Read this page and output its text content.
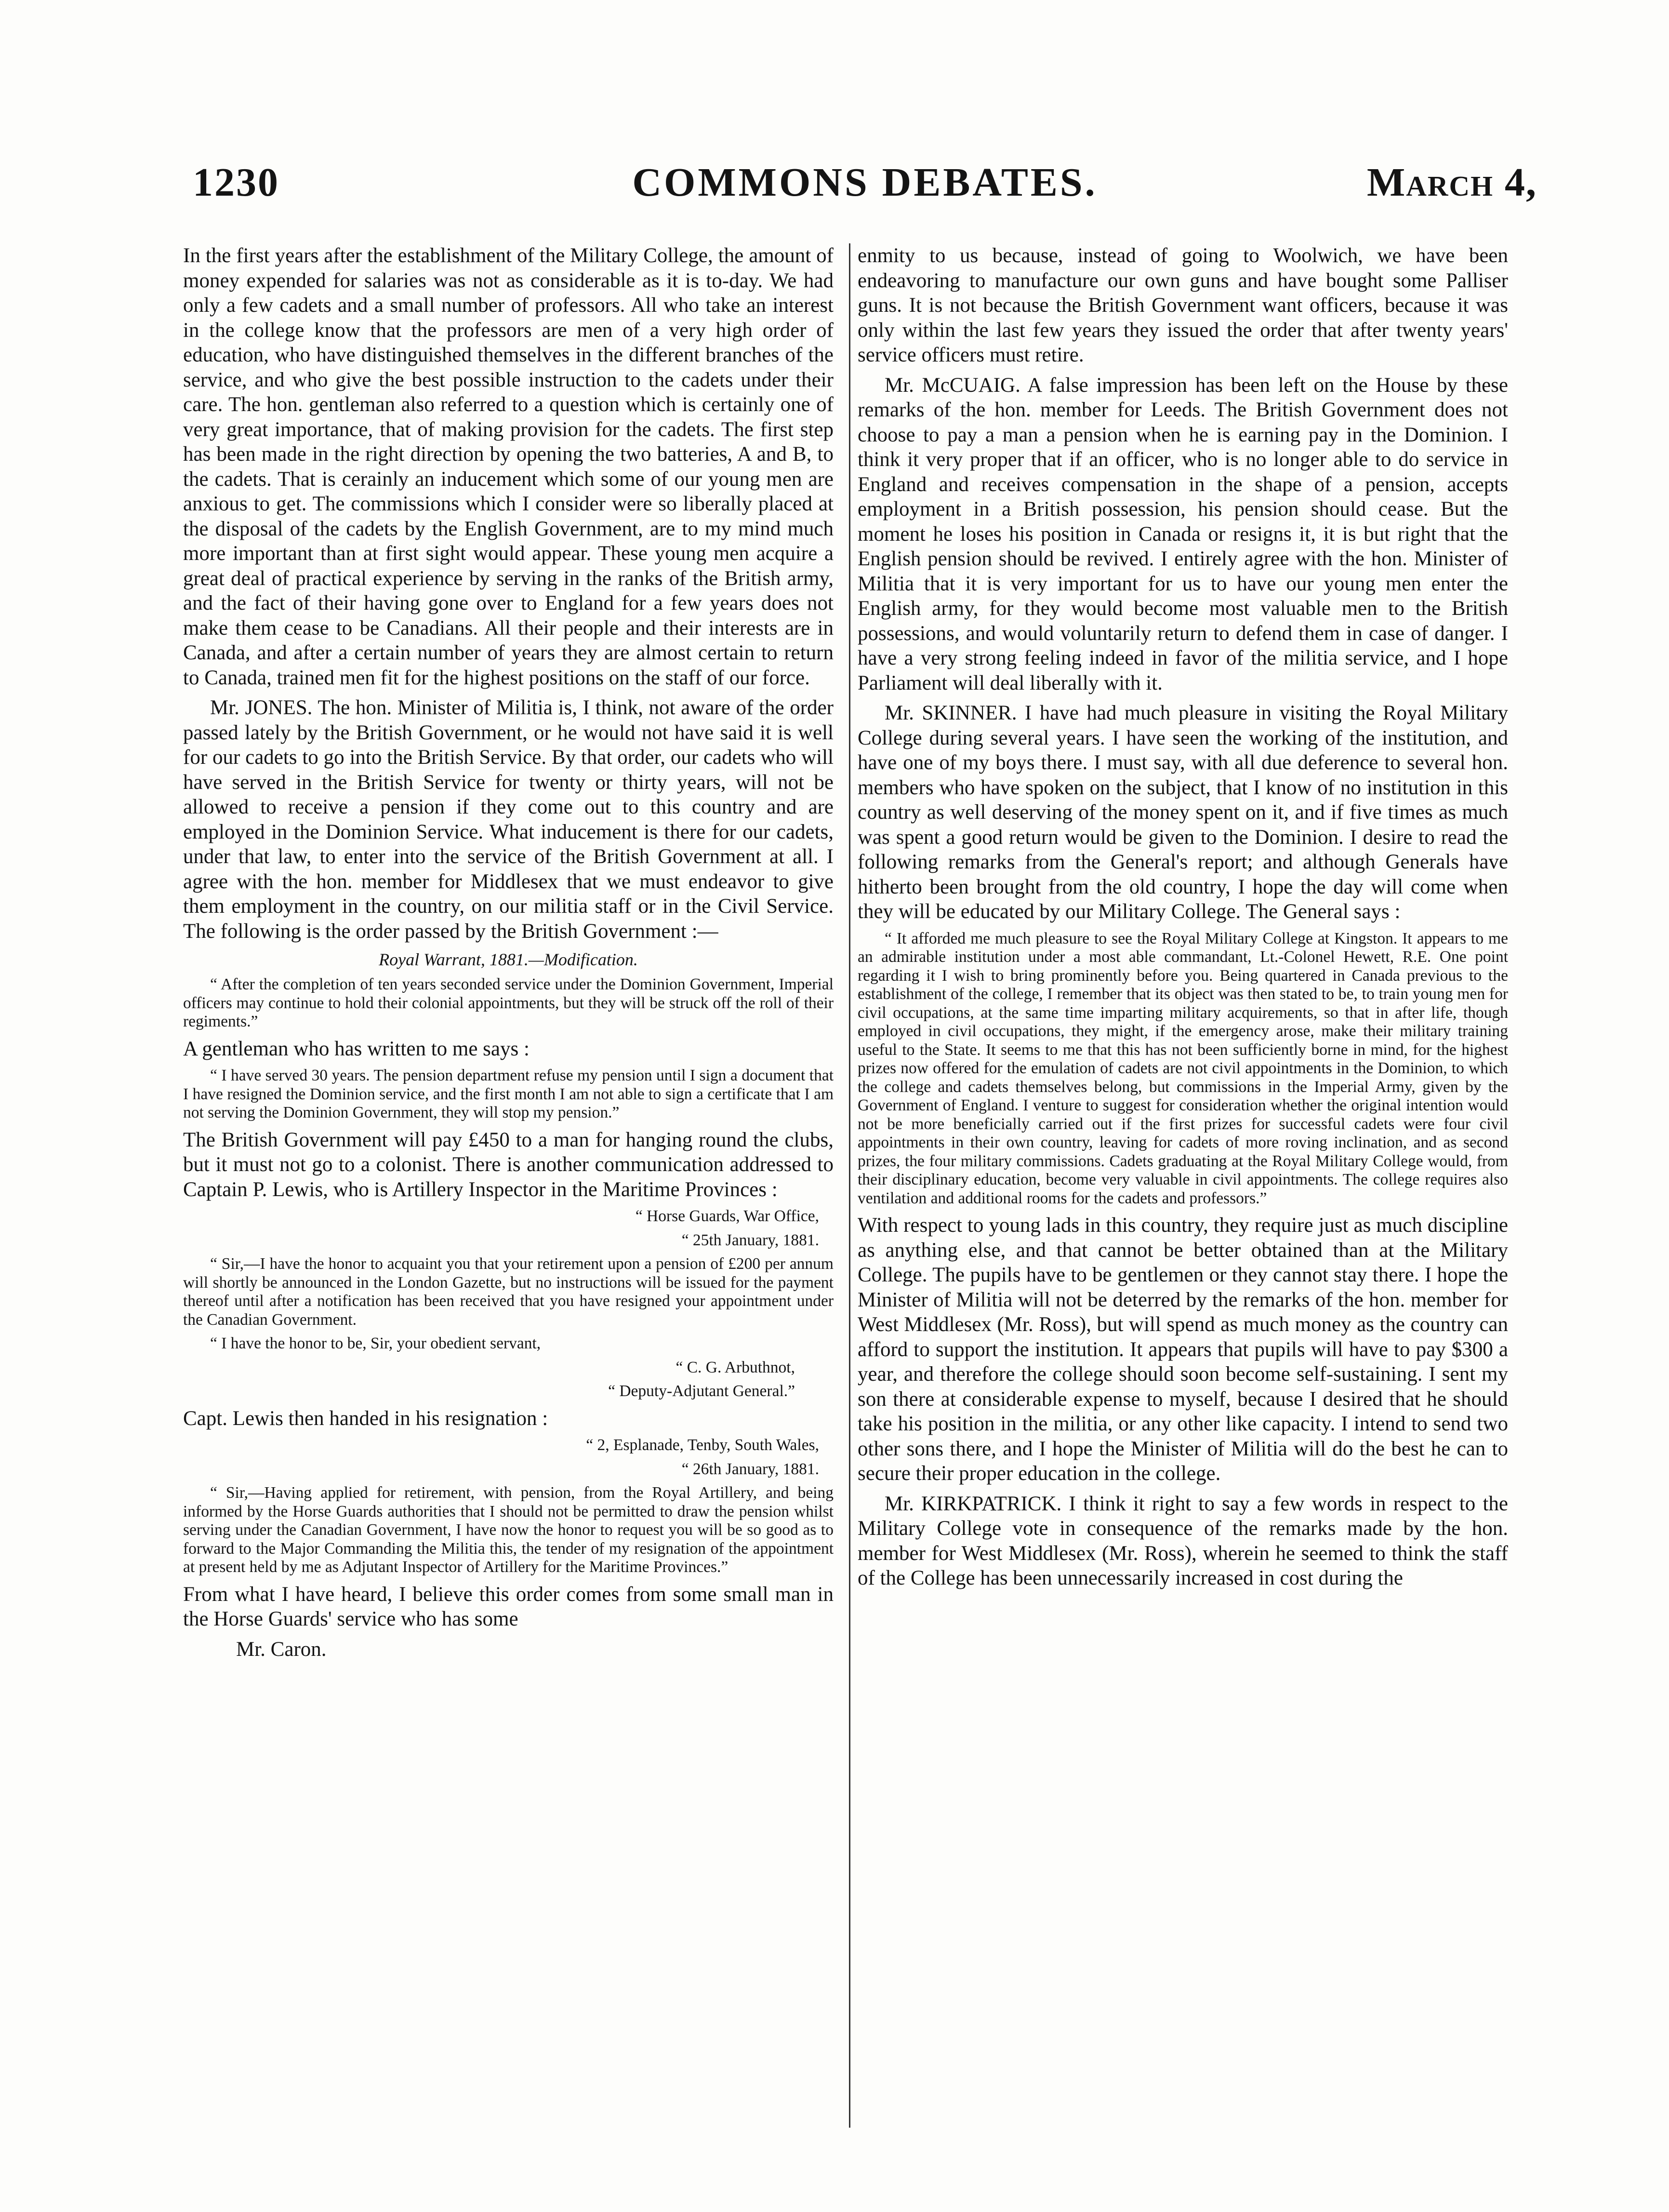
1230	COMMONS DEBATES.	March 4,

In the first years after the establishment of the Military College, the amount of money expended for salaries was not as considerable as it is to-day. We had only a few cadets and a small number of professors. All who take an interest in the college know that the professors are men of a very high order of education, who have distinguished themselves in the different branches of the service, and who give the best possible instruction to the cadets under their care. The hon. gentleman also referred to a question which is certainly one of very great importance, that of making provision for the cadets. The first step has been made in the right direction by opening the two batteries, A and B, to the cadets. That is cerainly an inducement which some of our young men are anxious to get. The commissions which I consider were so liberally placed at the disposal of the cadets by the English Government, are to my mind much more important than at first sight would appear. These young men acquire a great deal of practical experience by serving in the ranks of the British army, and the fact of their having gone over to England for a few years does not make them cease to be Canadians. All their people and their interests are in Canada, and after a certain number of years they are almost certain to return to Canada, trained men fit for the highest positions on the staff of our force.

Mr. JONES. The hon. Minister of Militia is, I think, not aware of the order passed lately by the British Government, or he would not have said it is well for our cadets to go into the British Service. By that order, our cadets who will have served in the British Service for twenty or thirty years, will not be allowed to receive a pension if they come out to this country and are employed in the Dominion Service. What inducement is there for our cadets, under that law, to enter into the service of the British Government at all. I agree with the hon. member for Middlesex that we must endeavor to give them employment in the country, on our militia staff or in the Civil Service. The following is the order passed by the British Government :—

Royal Warrant, 1881.—Modification.

“ After the completion of ten years seconded service under the Dominion Government, Imperial officers may continue to hold their colonial appointments, but they will be struck off the roll of their regiments.”

A gentleman who has written to me says :

“ I have served 30 years. The pension department refuse my pension until I sign a document that I have resigned the Dominion service, and the first month I am not able to sign a certificate that I am not serving the Dominion Government, they will stop my pension.”

The British Government will pay £450 to a man for hanging round the clubs, but it must not go to a colonist. There is another communication addressed to Captain P. Lewis, who is Artillery Inspector in the Maritime Provinces :

“ Horse Guards, War Office,

“ 25th January, 1881.

“ Sir,—I have the honor to acquaint you that your retirement upon a pension of £200 per annum will shortly be announced in the London Gazette, but no instructions will be issued for the payment thereof until after a notification has been received that you have resigned your appointment under the Canadian Government.

“ I have the honor to be, Sir, your obedient servant,

“ C. G. Arbuthnot,

“ Deputy-Adjutant General.”

Capt. Lewis then handed in his resignation :

“ 2, Esplanade, Tenby, South Wales,

“ 26th January, 1881.

“ Sir,—Having applied for retirement, with pension, from the Royal Artillery, and being informed by the Horse Guards authorities that I should not be permitted to draw the pension whilst serving under the Canadian Government, I have now the honor to request you will be so good as to forward to the Major Commanding the Militia this, the tender of my resignation of the appointment at present held by me as Adjutant Inspector of Artillery for the Maritime Provinces.”

From what I have heard, I believe this order comes from some small man in the Horse Guards' service who has some

Mr. Caron.

enmity to us because, instead of going to Woolwich, we have been endeavoring to manufacture our own guns and have bought some Palliser guns. It is not because the British Government want officers, because it was only within the last few years they issued the order that after twenty years' service officers must retire.

Mr. McCUAIG. A false impression has been left on the House by these remarks of the hon. member for Leeds. The British Government does not choose to pay a man a pension when he is earning pay in the Dominion. I think it very proper that if an officer, who is no longer able to do service in England and receives compensation in the shape of a pension, accepts employment in a British possession, his pension should cease. But the moment he loses his position in Canada or resigns it, it is but right that the English pension should be revived. I entirely agree with the hon. Minister of Militia that it is very important for us to have our young men enter the English army, for they would become most valuable men to the British possessions, and would voluntarily return to defend them in case of danger. I have a very strong feeling indeed in favor of the militia service, and I hope Parliament will deal liberally with it.

Mr. SKINNER. I have had much pleasure in visiting the Royal Military College during several years. I have seen the working of the institution, and have one of my boys there. I must say, with all due deference to several hon. members who have spoken on the subject, that I know of no institution in this country as well deserving of the money spent on it, and if five times as much was spent a good return would be given to the Dominion. I desire to read the following remarks from the General's report; and although Generals have hitherto been brought from the old country, I hope the day will come when they will be educated by our Military College. The General says :

“ It afforded me much pleasure to see the Royal Military College at Kingston. It appears to me an admirable institution under a most able commandant, Lt.-Colonel Hewett, R.E. One point regarding it I wish to bring prominently before you. Being quartered in Canada previous to the establishment of the college, I remember that its object was then stated to be, to train young men for civil occupations, at the same time imparting military acquirements, so that in after life, though employed in civil occupations, they might, if the emergency arose, make their military training useful to the State. It seems to me that this has not been sufficiently borne in mind, for the highest prizes now offered for the emulation of cadets are not civil appointments in the Dominion, to which the college and cadets themselves belong, but commissions in the Imperial Army, given by the Government of England. I venture to suggest for consideration whether the original intention would not be more beneficially carried out if the first prizes for successful cadets were four civil appointments in their own country, leaving for cadets of more roving inclination, and as second prizes, the four military commissions. Cadets graduating at the Royal Military College would, from their disciplinary education, become very valuable in civil appointments. The college requires also ventilation and additional rooms for the cadets and professors.”

With respect to young lads in this country, they require just as much discipline as anything else, and that cannot be better obtained than at the Military College. The pupils have to be gentlemen or they cannot stay there. I hope the Minister of Militia will not be deterred by the remarks of the hon. member for West Middlesex (Mr. Ross), but will spend as much money as the country can afford to support the institution. It appears that pupils will have to pay $300 a year, and therefore the college should soon become self-sustaining. I sent my son there at considerable expense to myself, because I desired that he should take his position in the militia, or any other like capacity. I intend to send two other sons there, and I hope the Minister of Militia will do the best he can to secure their proper education in the college.

Mr. KIRKPATRICK. I think it right to say a few words in respect to the Military College vote in consequence of the remarks made by the hon. member for West Middlesex (Mr. Ross), wherein he seemed to think the staff of the College has been unnecessarily increased in cost during the
